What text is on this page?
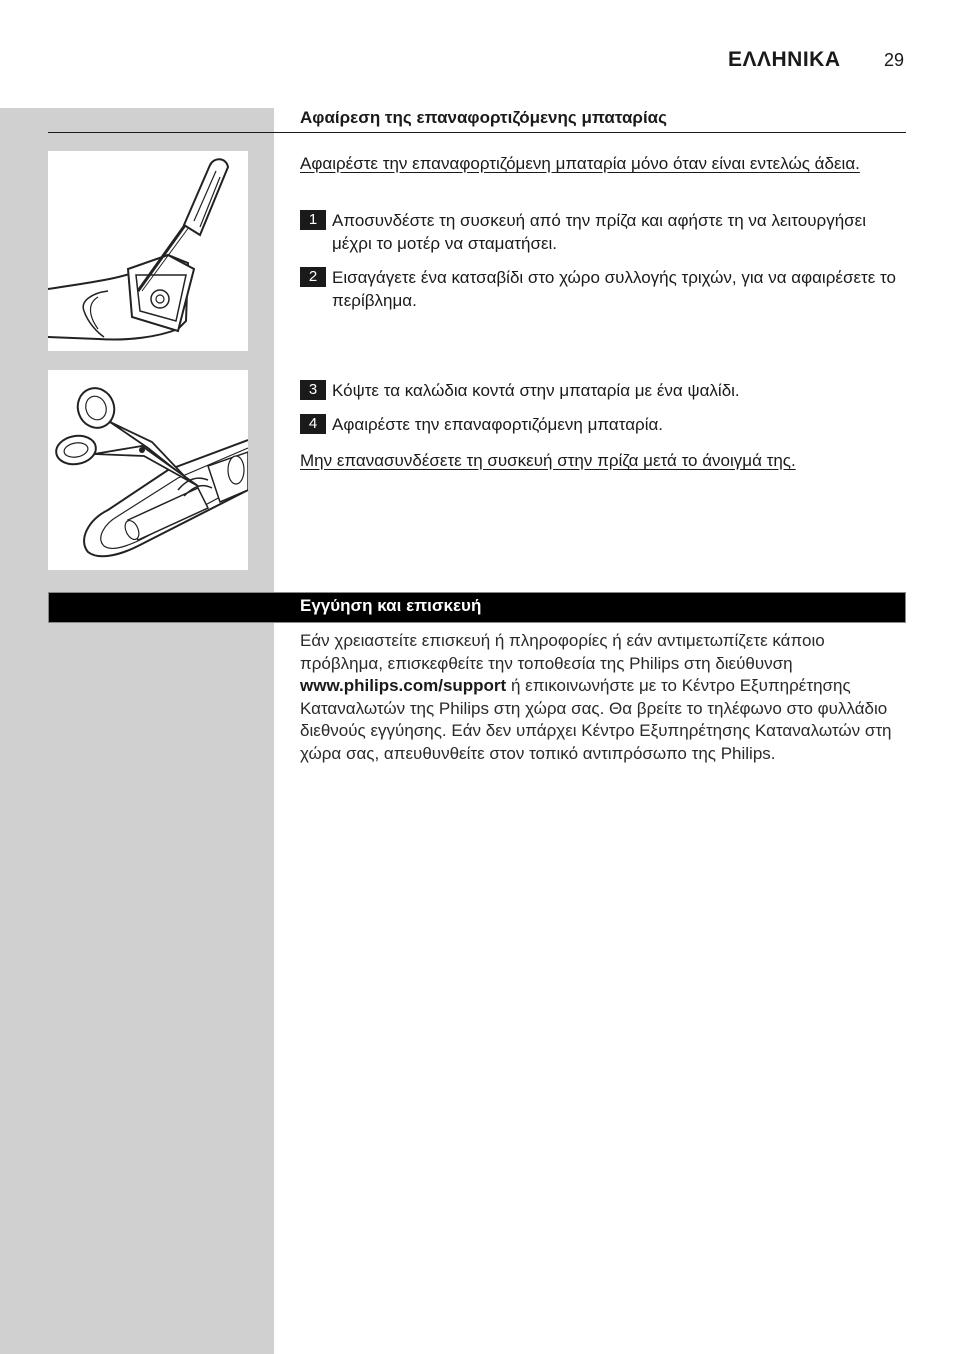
ΕΛΛΗΝΙΚΑ 29
Αφαίρεση της επαναφορτιζόμενης μπαταρίας
Αφαιρέστε την επαναφορτιζόμενη μπαταρία μόνο όταν είναι εντελώς άδεια.
1 Αποσυνδέστε τη συσκευή από την πρίζα και αφήστε τη να λειτουργήσει μέχρι το μοτέρ να σταματήσει.
2 Εισαγάγετε ένα κατσαβίδι στο χώρο συλλογής τριχών, για να αφαιρέσετε το περίβλημα.
3 Κόψτε τα καλώδια κοντά στην μπαταρία με ένα ψαλίδι.
4 Αφαιρέστε την επαναφορτιζόμενη μπαταρία.
Μην επανασυνδέσετε τη συσκευή στην πρίζα μετά το άνοιγμά της.
Εγγύηση και επισκευή
Εάν χρειαστείτε επισκευή ή πληροφορίες ή εάν αντιμετωπίζετε κάποιο πρόβλημα, επισκεφθείτε την τοποθεσία της Philips στη διεύθυνση www.philips.com/support ή επικοινωνήστε με το Κέντρο Εξυπηρέτησης Καταναλωτών της Philips στη χώρα σας. Θα βρείτε το τηλέφωνο στο φυλλάδιο διεθνούς εγγύησης. Εάν δεν υπάρχει Κέντρο Εξυπηρέτησης Καταναλωτών στη χώρα σας, απευθυνθείτε στον τοπικό αντιπρόσωπο της Philips.
